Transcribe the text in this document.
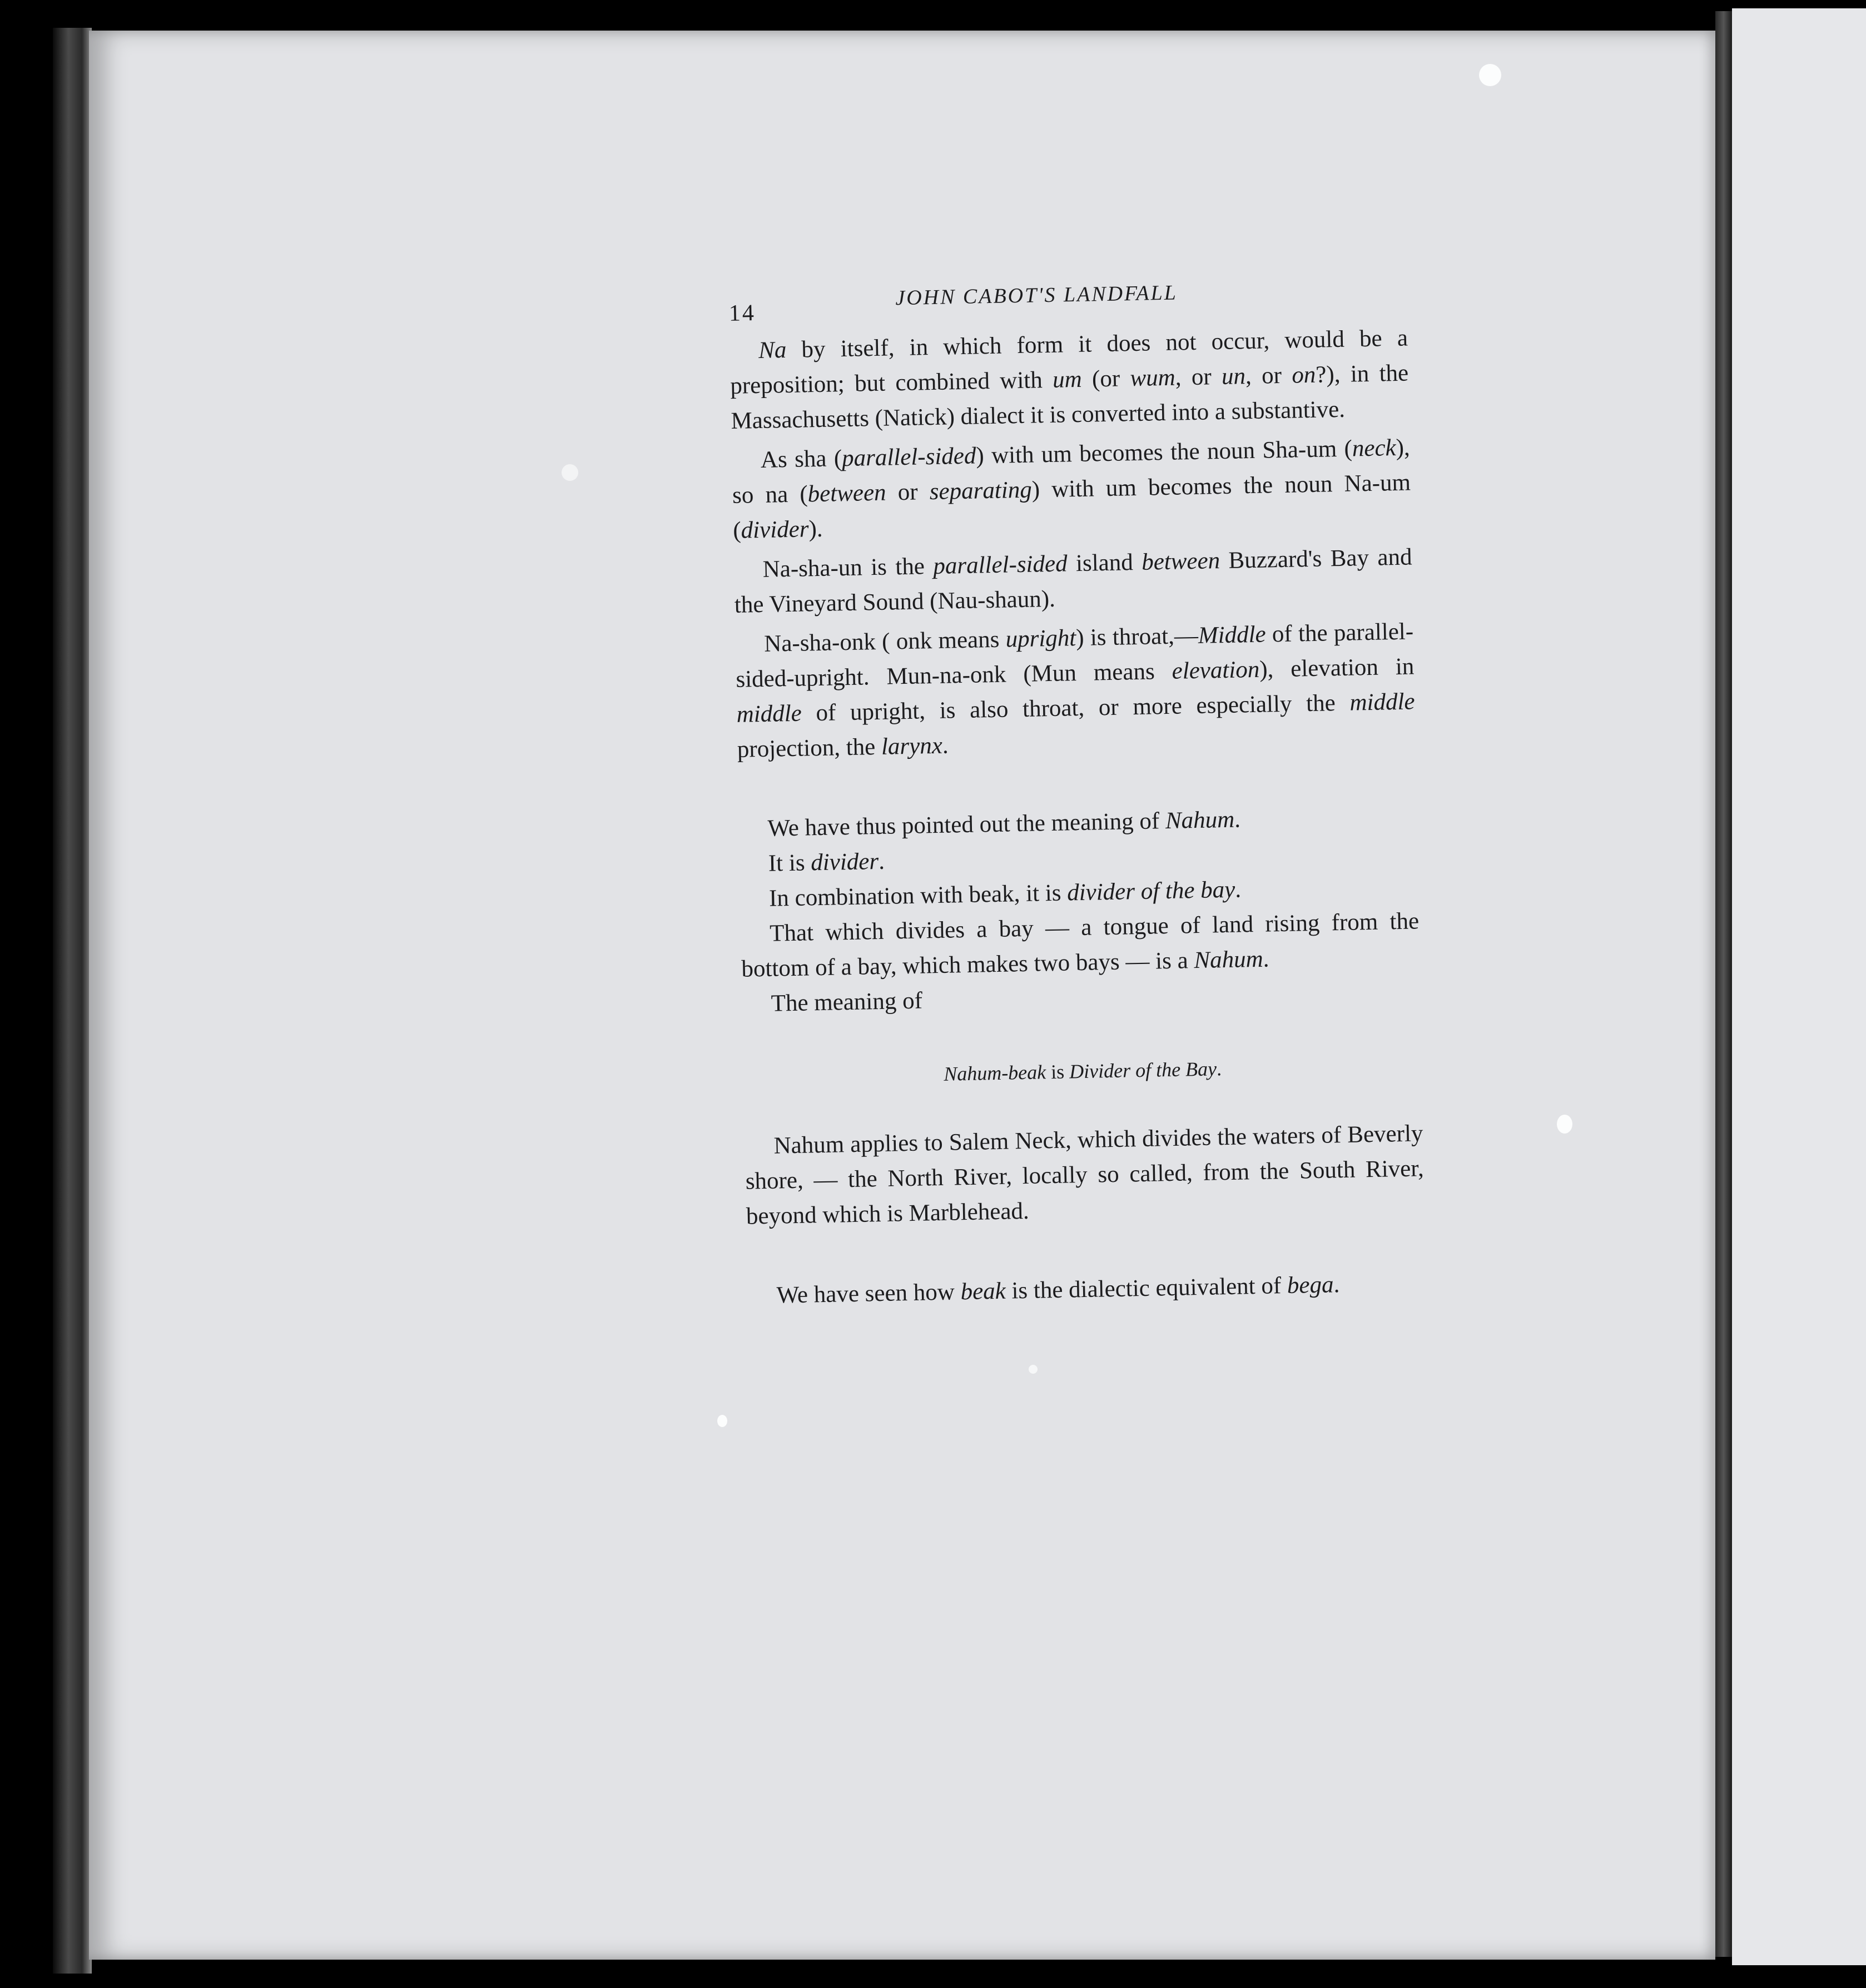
14
JOHN CABOT'S LANDFALL

Na by itself, in which form it does not occur, would be a preposition; but combined with um (or wum, or un, or on?), in the Massachusetts (Natick) dialect it is converted into a substantive.

As sha (parallel-sided) with um becomes the noun Sha-um (neck), so na (between or separating) with um becomes the noun Na-um (divider).

Na-sha-un is the parallel-sided island between Buzzard's Bay and the Vineyard Sound (Nau-shaun).

Na-sha-onk ( onk means upright) is throat,—Middle of the parallel-sided-upright. Mun-na-onk (Mun means elevation), elevation in middle of upright, is also throat, or more especially the middle projection, the larynx.

We have thus pointed out the meaning of Nahum.

It is divider.

In combination with beak, it is divider of the bay.

That which divides a bay — a tongue of land rising from the bottom of a bay, which makes two bays — is a Nahum.

The meaning of

Nahum-beak is Divider of the Bay.

Nahum applies to Salem Neck, which divides the waters of Beverly shore, — the North River, locally so called, from the South River, beyond which is Marblehead.

We have seen how beak is the dialectic equivalent of bega.
